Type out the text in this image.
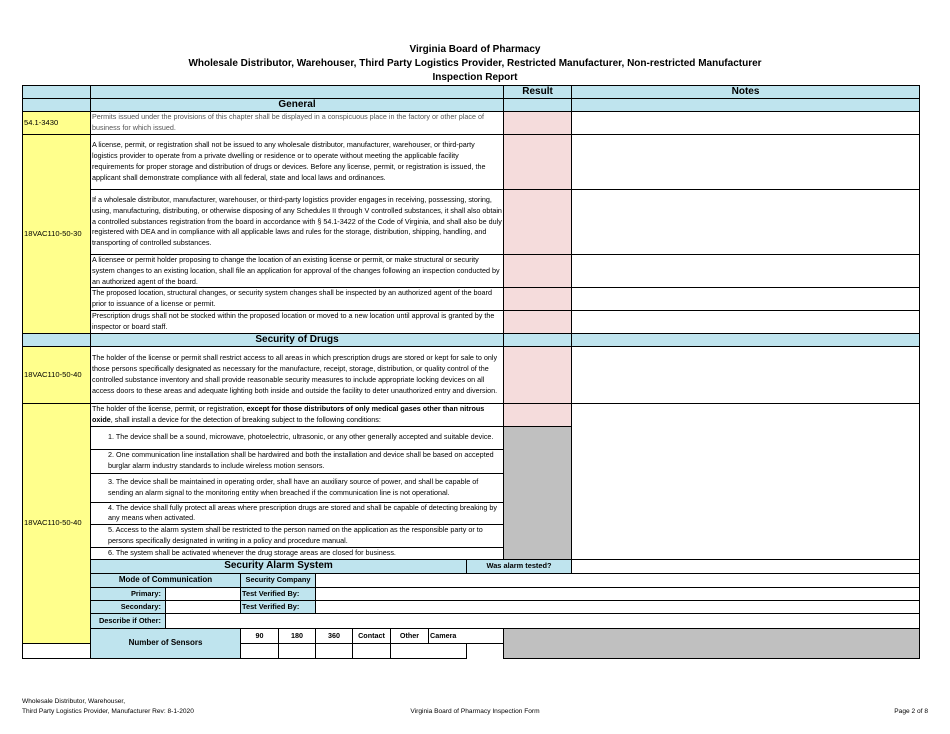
Virginia Board of Pharmacy
Wholesale Distributor, Warehouser, Third Party Logistics Provider, Restricted Manufacturer, Non-restricted Manufacturer
Inspection Report
										Result	Notes	
	General											
54.1-3430	Permits issued under the provisions of this chapter shall be displayed in a conspicuous place in the factory or other place of business for which issued.											
18VAC110-50-30	A license, permit, or registration shall not be issued to any wholesale distributor, manufacturer, warehouser, or third-party logistics provider to operate from a private dwelling or residence or to operate without meeting the applicable facility requirements for proper storage and distribution of drugs or devices. Before any license, permit, or registration is issued, the applicant shall demonstrate compliance with all federal, state and local laws and ordinances.											
	If a wholesale distributor, manufacturer, warehouser, or third-party logistics provider engages in receiving, possessing, storing, using, manufacturing, distributing, or otherwise disposing of any Schedules II through V controlled substances, it shall also obtain a controlled substances registration from the board in accordance with § 54.1-3422 of the Code of Virginia, and shall also be duly registered with DEA and in compliance with all applicable laws and rules for the storage, distribution, shipping, handling, and transporting of controlled substances.											
	A licensee or permit holder proposing to change the location of an existing license or permit, or make structural or security system changes to an existing location, shall file an application for approval of the changes following an inspection conducted by an authorized agent of the board.											
	The proposed location, structural changes, or security system changes shall be inspected by an authorized agent of the board prior to issuance of a license or permit.											
	Prescription drugs shall not be stocked within the proposed location or moved to a new location until approval is granted by the inspector or board staff.											
	Security of Drugs											
18VAC110-50-40	The holder of the license or permit shall restrict access to all areas in which prescription drugs are stored or kept for sale to only those persons specifically designated as necessary for the manufacture, receipt, storage, distribution, or quality control of the controlled substance inventory and shall provide reasonable security measures to include appropriate locking devices on all access doors to these areas and adequate lighting both inside and outside the facility to deter unauthorized entry and diversion.											
18VAC110-50-40	The holder of the license, permit, or registration, except for those distributors of only medical gases other than nitrous oxide, shall install a device for the detection of breaking subject to the following conditions:											
	1. The device shall be a sound, microwave, photoelectric, ultrasonic, or any other generally accepted and suitable device.											
	2. One communication line installation shall be hardwired and both the installation and device shall be based on accepted burglar alarm industry standards to include wireless motion sensors.											
	3. The device shall be maintained in operating order, shall have an auxiliary source of power, and shall be capable of sending an alarm signal to the monitoring entity when breached if the communication line is not operational.											
	4. The device shall fully protect all areas where prescription drugs are stored and shall be capable of detecting breaking by any means when activated.											
	5. Access to the alarm system shall be restricted to the person named on the application as the responsible party or to persons specifically designated in writing in a policy and procedure manual.											
	6. The system shall be activated whenever the drug storage areas are closed for business.											
	Security Alarm System								Was alarm tested?			
	Mode of Communication		Security Company									
	Primary:		Test Verified By:									
	Secondary:		Test Verified By:									
	Describe if Other:											
	Number of Sensors		90	180	360	Contact	Other	Camera				

Wholesale Distributor, Warehouser,
Third Party Logistics Provider, Manufacturer Rev: 8-1-2020	Virginia Board of Pharmacy Inspection Form	Page 2 of 8
